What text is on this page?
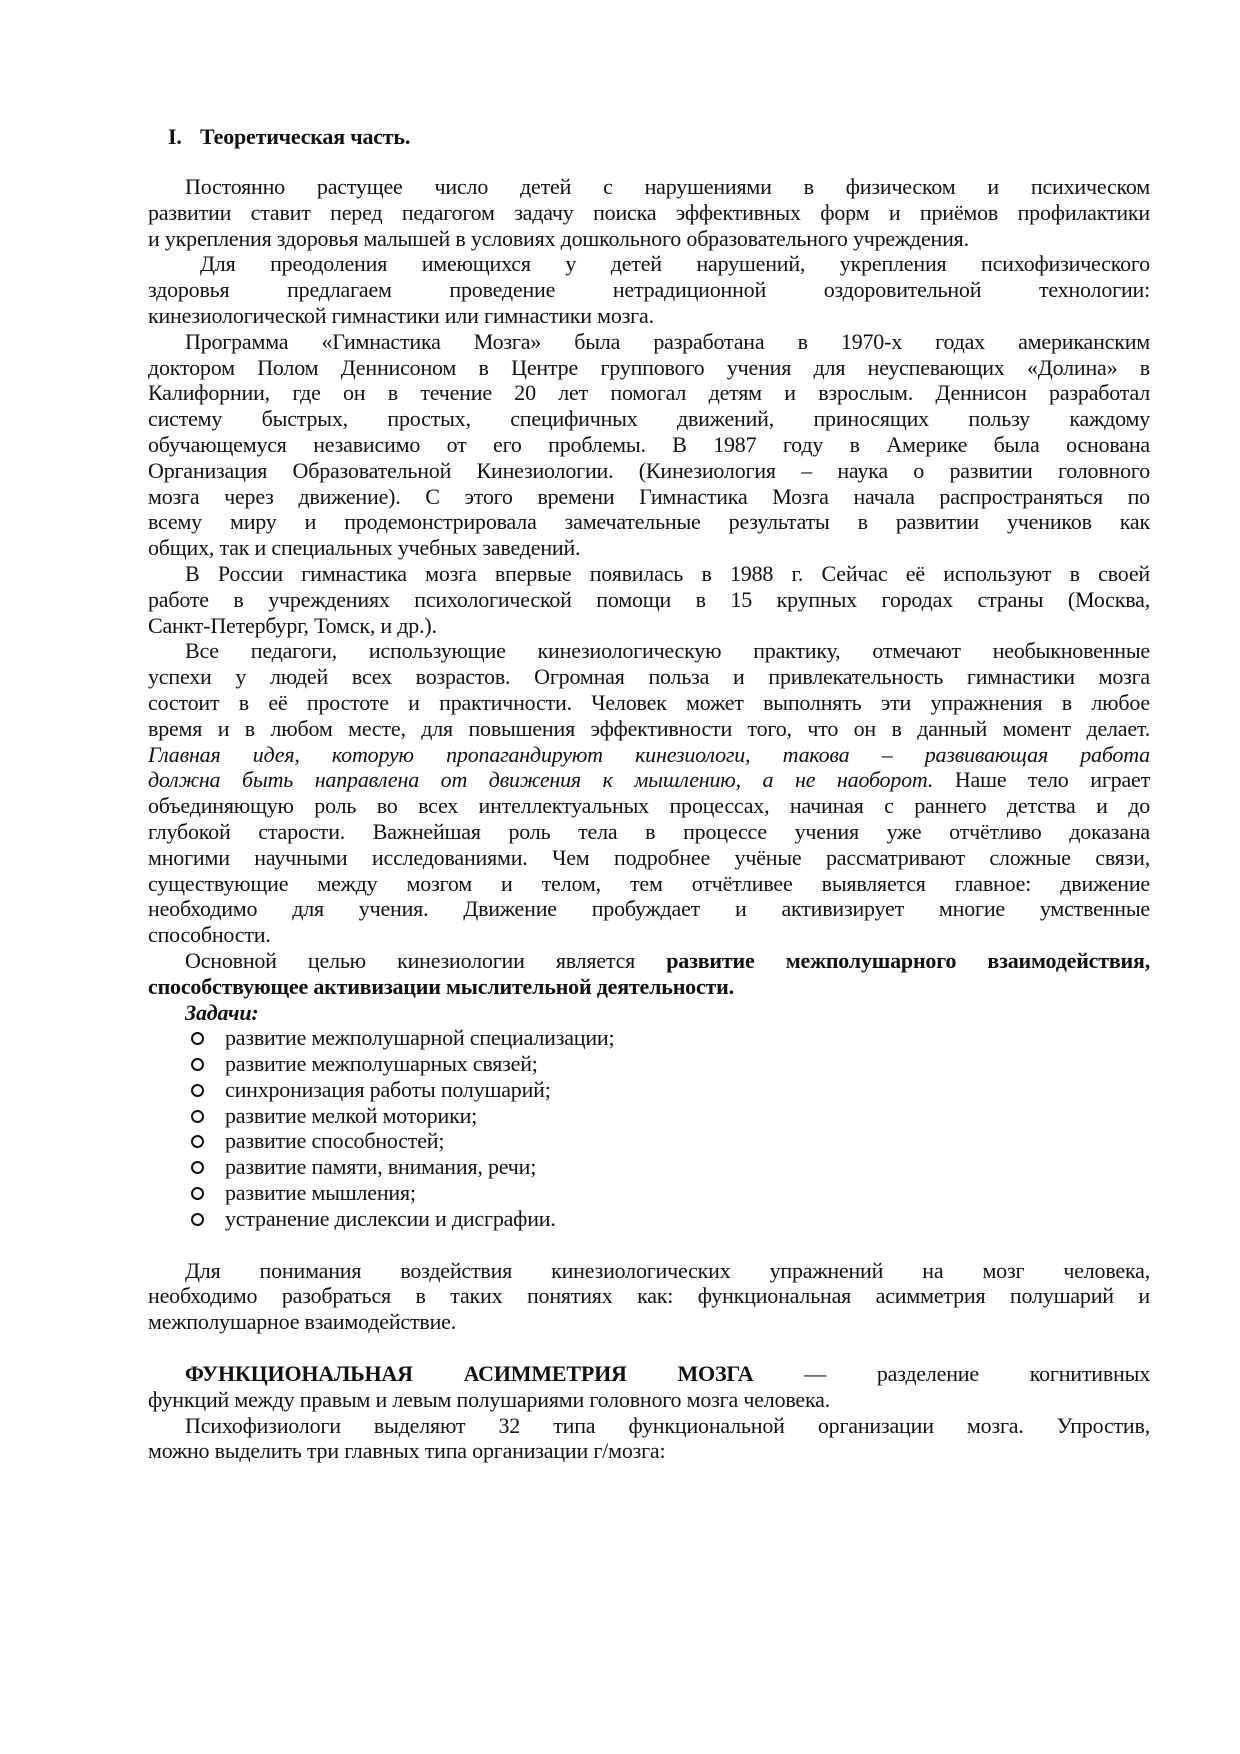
I. Теоретическая часть.
Постоянно растущее число детей с нарушениями в физическом и психическом
развитии ставит перед педагогом задачу поиска эффективных форм и приёмов профилактики
и укрепления здоровья малышей в условиях дошкольного образовательного учреждения.
Для преодоления имеющихся у детей нарушений, укрепления психофизического
здоровья предлагаем проведение нетрадиционной оздоровительной технологии:
кинезиологической гимнастики или гимнастики мозга.
Программа «Гимнастика Мозга» была разработана в 1970-х годах американским
доктором Полом Деннисоном в Центре группового учения для неуспевающих «Долина» в
Калифорнии, где он в течение 20 лет помогал детям и взрослым. Деннисон разработал
систему быстрых, простых, специфичных движений, приносящих пользу каждому
обучающемуся независимо от его проблемы. В 1987 году в Америке была основана
Организация Образовательной Кинезиологии. (Кинезиология – наука о развитии головного
мозга через движение). С этого времени Гимнастика Мозга начала распространяться по
всему миру и продемонстрировала замечательные результаты в развитии учеников как
общих, так и специальных учебных заведений.
В России гимнастика мозга впервые появилась в 1988 г. Сейчас её используют в своей
работе в учреждениях психологической помощи в 15 крупных городах страны (Москва,
Санкт-Петербург, Томск, и др.).
Все педагоги, использующие кинезиологическую практику, отмечают необыкновенные
успехи у людей всех возрастов. Огромная польза и привлекательность гимнастики мозга
состоит в её простоте и практичности. Человек может выполнять эти упражнения в любое
время и в любом месте, для повышения эффективности того, что он в данный момент делает.
Главная идея, которую пропагандируют кинезиологи, такова – развивающая работа
должна быть направлена от движения к мышлению, а не наоборот. Наше тело играет
объединяющую роль во всех интеллектуальных процессах, начиная с раннего детства и до
глубокой старости. Важнейшая роль тела в процессе учения уже отчётливо доказана
многими научными исследованиями. Чем подробнее учёные рассматривают сложные связи,
существующие между мозгом и телом, тем отчётливее выявляется главное: движение
необходимо для учения. Движение пробуждает и активизирует многие умственные
способности.
Основной целью кинезиологии является развитие межполушарного взаимодействия,
способствующее активизации мыслительной деятельности.
Задачи:
развитие межполушарной специализации;
развитие межполушарных связей;
синхронизация работы полушарий;
развитие мелкой моторики;
развитие способностей;
развитие памяти, внимания, речи;
развитие мышления;
устранение дислексии и дисграфии.
Для понимания воздействия кинезиологических упражнений на мозг человека,
необходимо разобраться в таких понятиях как: функциональная асимметрия полушарий и
межполушарное взаимодействие.
ФУНКЦИОНАЛЬНАЯ АСИММЕТРИЯ МОЗГА — разделение когнитивных
функций между правым и левым полушариями головного мозга человека.
Психофизиологи выделяют 32 типа функциональной организации мозга. Упростив,
можно выделить три главных типа организации г/мозга:
